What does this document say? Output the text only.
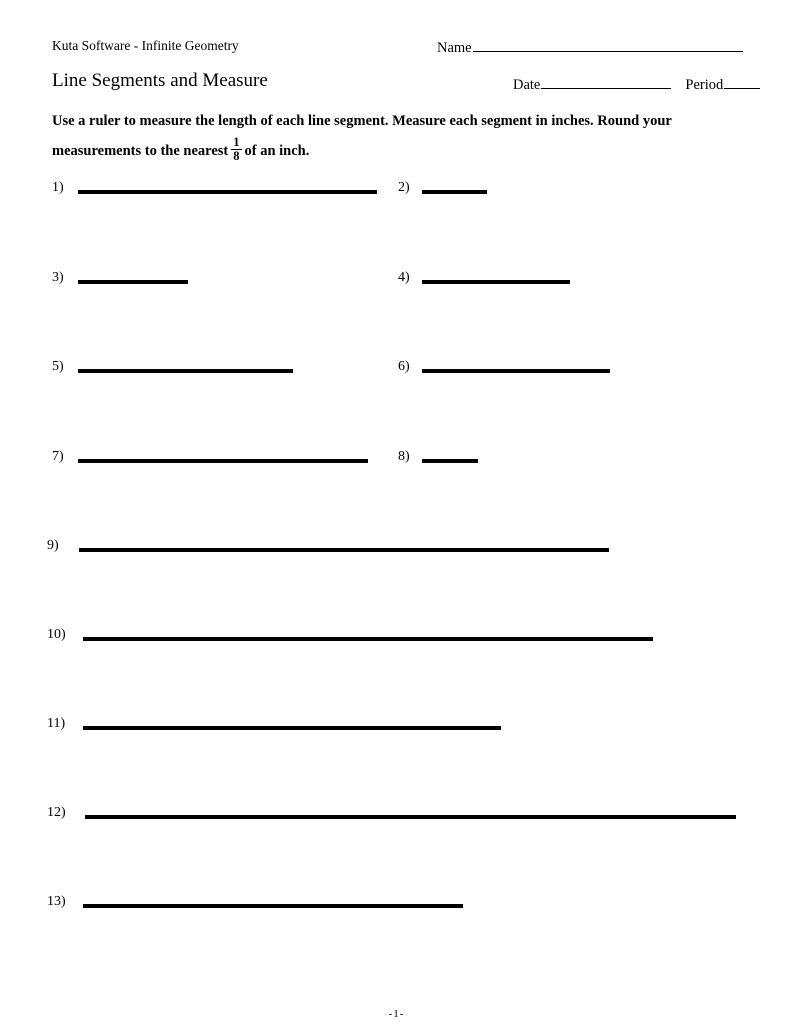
Kuta Software - Infinite Geometry
Line Segments and Measure
Name
Date	Period
Use a ruler to measure the length of each line segment. Measure each segment in inches. Round your measurements to the nearest $\frac{1}{8}$ of an inch.
1)	2)
3)	4)
5)	6)
7)	8)
9)
10)
11)
12)
13)
-1-
